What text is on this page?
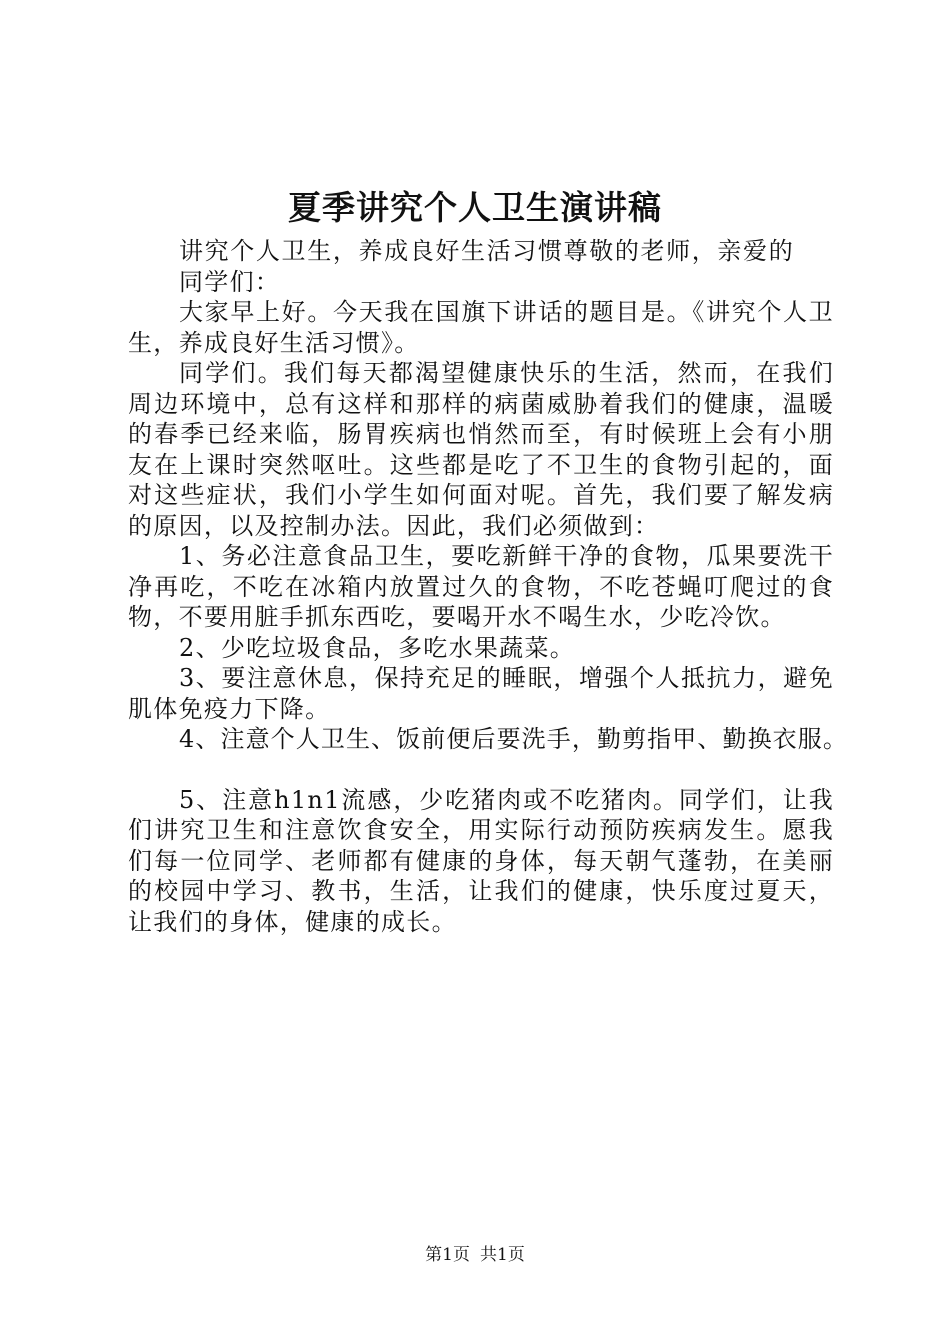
夏季讲究个人卫生演讲稿

讲究个人卫生，养成良好生活习惯尊敬的老师，亲爱的同学们：

大家早上好。今天我在国旗下讲话的题目是。《讲究个人卫生，养成良好生活习惯》。

同学们。我们每天都渴望健康快乐的生活，然而，在我们周边环境中，总有这样和那样的病菌威胁着我们的健康，温暖的春季已经来临，肠胃疾病也悄然而至，有时候班上会有小朋友在上课时突然呕吐。这些都是吃了不卫生的食物引起的，面对这些症状，我们小学生如何面对呢。首先，我们要了解发病的原因，以及控制办法。因此，我们必须做到：

1、务必注意食品卫生，要吃新鲜干净的食物，瓜果要洗干净再吃，不吃在冰箱内放置过久的食物，不吃苍蝇叮爬过的食物，不要用脏手抓东西吃，要喝开水不喝生水，少吃冷饮。

2、少吃垃圾食品，多吃水果蔬菜。

3、要注意休息，保持充足的睡眠，增强个人抵抗力，避免肌体免疫力下降。

4、注意个人卫生、饭前便后要洗手，勤剪指甲、勤换衣服。

5、注意h1n1流感，少吃猪肉或不吃猪肉。同学们，让我们讲究卫生和注意饮食安全，用实际行动预防疾病发生。愿我们每一位同学、老师都有健康的身体，每天朝气蓬勃，在美丽的校园中学习、教书，生活，让我们的健康，快乐度过夏天，让我们的身体，健康的成长。

第1页 共1页
